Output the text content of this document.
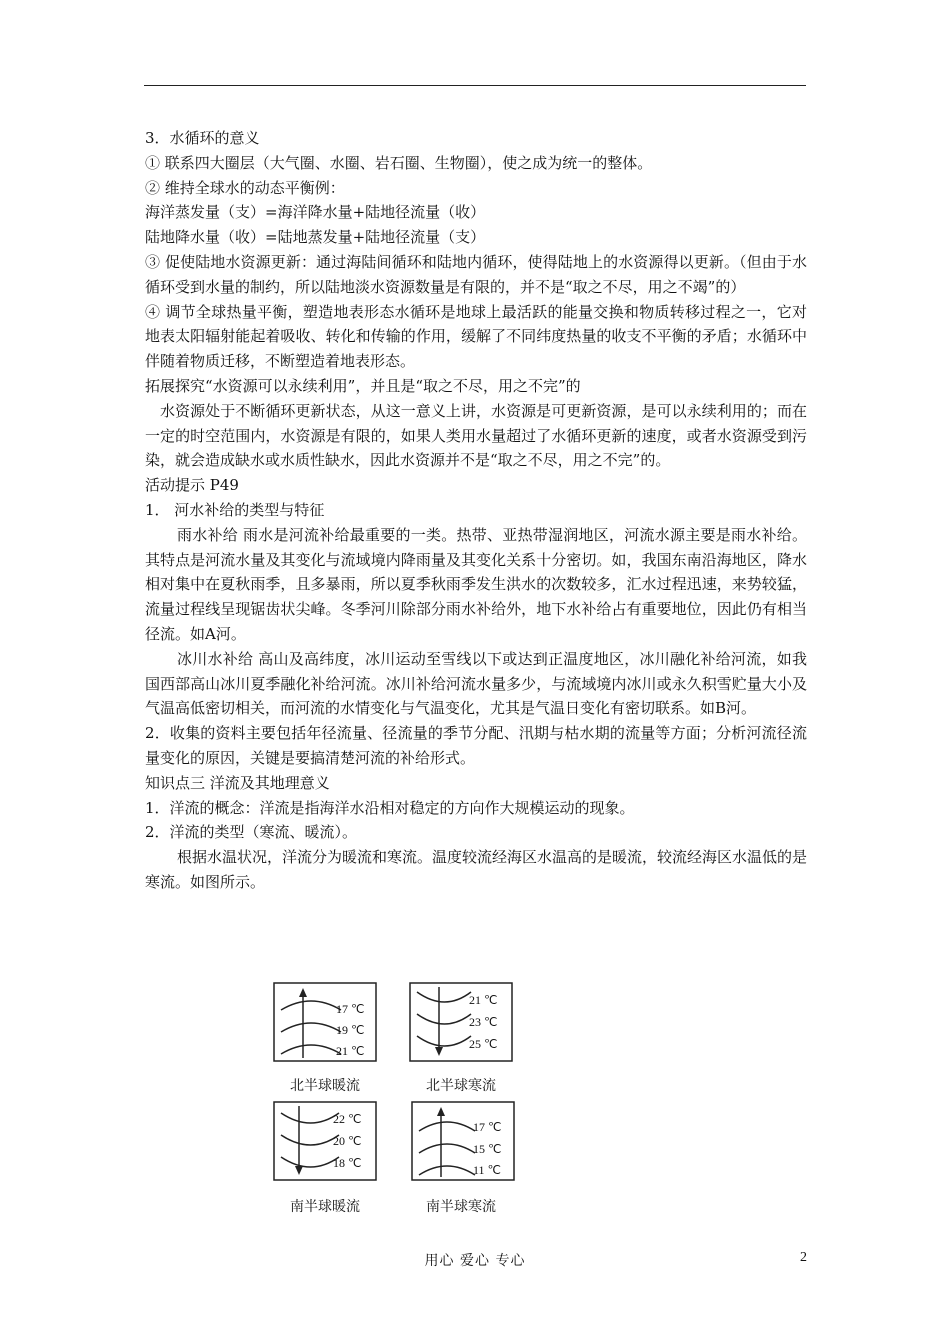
3．水循环的意义

① 联系四大圈层（大气圈、水圈、岩石圈、生物圈），使之成为统一的整体。

② 维持全球水的动态平衡例：

海洋蒸发量（支）=海洋降水量+陆地径流量（收）

陆地降水量（收）=陆地蒸发量+陆地径流量（支）

③ 促使陆地水资源更新：通过海陆间循环和陆地内循环，使得陆地上的水资源得以更新。（但由于水循环受到水量的制约，所以陆地淡水资源数量是有限的，并不是“取之不尽，用之不竭”的）

④ 调节全球热量平衡，塑造地表形态水循环是地球上最活跃的能量交换和物质转移过程之一，它对地表太阳辐射能起着吸收、转化和传输的作用，缓解了不同纬度热量的收支不平衡的矛盾；水循环中伴随着物质迁移，不断塑造着地表形态。

拓展探究“水资源可以永续利用”，并且是“取之不尽，用之不完”的

水资源处于不断循环更新状态，从这一意义上讲，水资源是可更新资源，是可以永续利用的；而在一定的时空范围内，水资源是有限的，如果人类用水量超过了水循环更新的速度，或者水资源受到污染，就会造成缺水或水质性缺水，因此水资源并不是“取之不尽，用之不完”的。

活动提示 P49

1． 河水补给的类型与特征

雨水补给 雨水是河流补给最重要的一类。热带、亚热带湿润地区，河流水源主要是雨水补给。其特点是河流水量及其变化与流域境内降雨量及其变化关系十分密切。如，我国东南沿海地区，降水相对集中在夏秋雨季，且多暴雨，所以夏季秋雨季发生洪水的次数较多，汇水过程迅速，来势较猛，流量过程线呈现锯齿状尖峰。冬季河川除部分雨水补给外，地下水补给占有重要地位，因此仍有相当径流。如A河。

冰川水补给 高山及高纬度，冰川运动至雪线以下或达到正温度地区，冰川融化补给河流，如我国西部高山冰川夏季融化补给河流。冰川补给河流水量多少，与流域境内冰川或永久积雪贮量大小及气温高低密切相关，而河流的水情变化与气温变化，尤其是气温日变化有密切联系。如B河。

2．收集的资料主要包括年径流量、径流量的季节分配、汛期与枯水期的流量等方面；分析河流径流量变化的原因，关键是要搞清楚河流的补给形式。

知识点三 洋流及其地理意义

1．洋流的概念：洋流是指海洋水沿相对稳定的方向作大规模运动的现象。

2．洋流的类型（寒流、暖流）。

根据水温状况，洋流分为暖流和寒流。温度较流经海区水温高的是暖流，较流经海区水温低的是寒流。如图所示。

17 ℃
19 ℃
21 ℃
北半球暖流
21 ℃
23 ℃
25 ℃
北半球寒流
22 ℃
20 ℃
18 ℃
南半球暖流
17 ℃
15 ℃
11 ℃
南半球寒流
用心 爱心 专心	2
